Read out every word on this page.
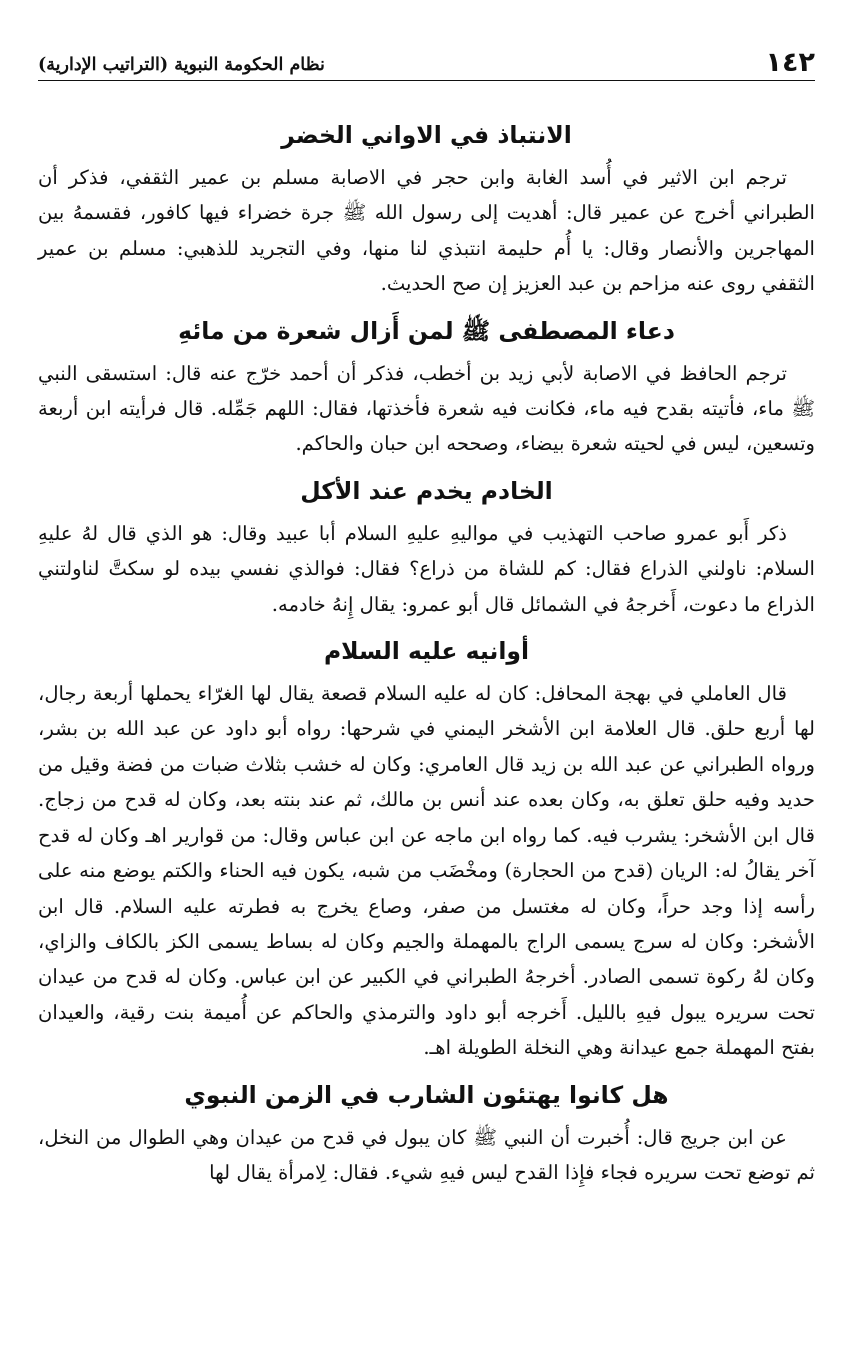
١٤٢
نظام الحكومة النبوية (التراتيب الإدارية)
الانتباذ في الاواني الخضر

ترجم ابن الاثير في أُسد الغابة وابن حجر في الاصابة مسلم بن عمير الثقفي، فذكر أن الطبراني أخرج عن عمير قال: أهديت إلى رسول الله ﷺ جرة خضراء فيها كافور، فقسمهُ بين المهاجرين والأنصار وقال: يا أُم حليمة انتبذي لنا منها، وفي التجريد للذهبي: مسلم بن عمير الثقفي روى عنه مزاحم بن عبد العزيز إن صح الحديث.

دعاء المصطفى ﷺ لمن أَزال شعرة من مائهِ

ترجم الحافظ في الاصابة لأبي زيد بن أخطب، فذكر أن أحمد خرّج عنه قال: استسقى النبي ﷺ ماء، فأتيته بقدح فيه ماء، فكانت فيه شعرة فأخذتها، فقال: اللهم جَمِّله. قال فرأيته ابن أربعة وتسعين، ليس في لحيته شعرة بيضاء، وصححه ابن حبان والحاكم.

الخادم يخدم عند الأكل

ذكر أَبو عمرو صاحب التهذيب في مواليهِ عليهِ السلام أبا عبيد وقال: هو الذي قال لهُ عليهِ السلام: ناولني الذراع فقال: كم للشاة من ذراع؟ فقال: فوالذي نفسي بيده لو سكتَّ لناولتني الذراع ما دعوت، أَخرجهُ في الشمائل قال أبو عمرو: يقال إِنهُ خادمه.

أوانيه عليه السلام

قال العاملي في بهجة المحافل: كان له عليه السلام قصعة يقال لها الغرّاء يحملها أربعة رجال، لها أربع حلق. قال العلامة ابن الأشخر اليمني في شرحها: رواه أبو داود عن عبد الله بن بشر، ورواه الطبراني عن عبد الله بن زيد قال العامري: وكان له خشب بثلاث ضبات من فضة وقيل من حديد وفيه حلق تعلق به، وكان بعده عند أنس بن مالك، ثم عند بنته بعد، وكان له قدح من زجاج. قال ابن الأشخر: يشرب فيه. كما رواه ابن ماجه عن ابن عباس وقال: من قوارير اهـ وكان له قدح آخر يقالُ له: الريان (قدح من الحجارة) ومخْضَب من شبه، يكون فيه الحناء والكتم يوضع منه على رأسه إذا وجد حراً، وكان له مغتسل من صفر، وصاع يخرج به فطرته عليه السلام. قال ابن الأشخر: وكان له سرج يسمى الراج بالمهملة والجيم وكان له بساط يسمى الكز بالكاف والزاي، وكان لهُ ركوة تسمى الصادر. أخرجهُ الطبراني في الكبير عن ابن عباس. وكان له قدح من عيدان تحت سريره يبول فيهِ بالليل. أَخرجه أبو داود والترمذي والحاكم عن أُميمة بنت رقية، والعيدان بفتح المهملة جمع عيدانة وهي النخلة الطويلة اهـ.

هل كانوا يهتئون الشارب في الزمن النبوي

عن ابن جريج قال: أُخبرت أن النبي ﷺ كان يبول في قدح من عيدان وهي الطوال من النخل، ثم توضع تحت سريره فجاء فإِذا القدح ليس فيهِ شيء. فقال: لِامرأة يقال لها
